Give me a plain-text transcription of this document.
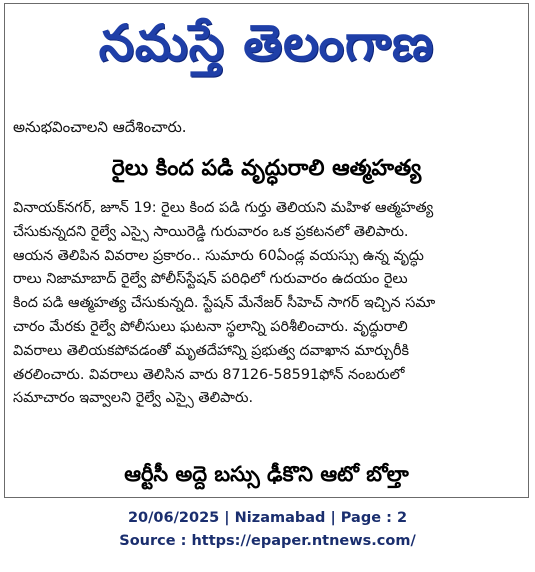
నమస్తే తెలంగాణ
అనుభవించాలని ఆదేశించారు.
రైలు కింద పడి వృద్ధురాలి ఆత్మహత్య
వినాయక్‌నగర్, జూన్ 19: రైలు కింద పడి గుర్తు తెలియని మహిళ ఆత్మహత్య
చేసుకున్నదని రైల్వే ఎస్సై సాయిరెడ్డి గురువారం ఒక ప్రకటనలో తెలిపారు.
ఆయన తెలిపిన వివరాల ప్రకారం.. సుమారు 60ఏండ్ల వయస్సు ఉన్న వృద్ధు
రాలు నిజామాబాద్ రైల్వే పోలీస్‌స్టేషన్ పరిధిలో గురువారం ఉదయం రైలు
కింద పడి ఆత్మహత్య చేసుకున్నది. స్టేషన్ మేనేజర్ సీహెచ్ సాగర్ ఇచ్చిన సమా
చారం మేరకు రైల్వే పోలీసులు ఘటనా స్థలాన్ని పరిశీలించారు. వృద్ధురాలి
వివరాలు తెలియకపోవడంతో మృతదేహాన్ని ప్రభుత్వ దవాఖాన మార్చురీకి
తరలించారు. వివరాలు తెలిసిన వారు 87126-58591ఫోన్ నంబరులో
సమాచారం ఇవ్వాలని రైల్వే ఎస్సై తెలిపారు.
ఆర్టీసీ అద్దె బస్సు ఢీకొని ఆటో బోల్తా
20/06/2025 | Nizamabad | Page : 2
Source : https://epaper.ntnews.com/
